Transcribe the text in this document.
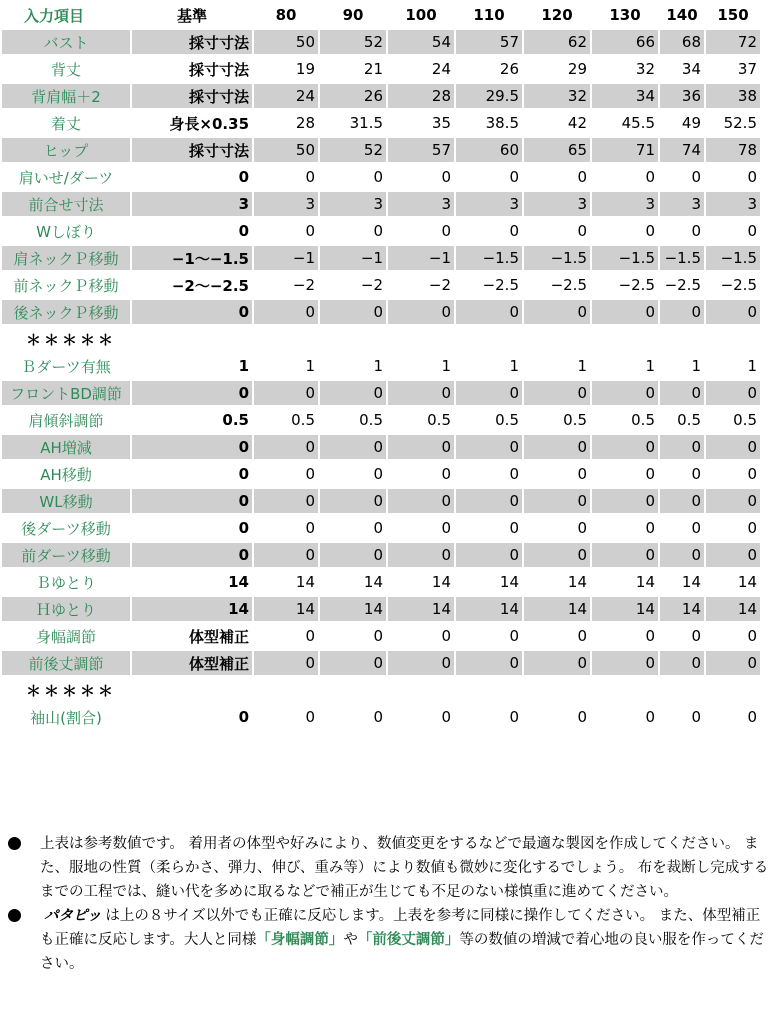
入力項目	基準	80	90	100	110	120	130	140	150
バスト	採寸寸法	50	52	54	57	62	66	68	72
背丈	採寸寸法	19	21	24	26	29	32	34	37
背肩幅＋2	採寸寸法	24	26	28	29.5	32	34	36	38
着丈	身長×0.35	28	31.5	35	38.5	42	45.5	49	52.5
ヒップ	採寸寸法	50	52	57	60	65	71	74	78
肩いせ/ダーツ	0	0	0	0	0	0	0	0	0
前合せ寸法	3	3	3	3	3	3	3	3	3
Wしぼり	0	0	0	0	0	0	0	0	0
肩ネックＰ移動	−1〜−1.5	−1	−1	−1	−1.5	−1.5	−1.5	−1.5	−1.5
前ネックＰ移動	−2〜−2.5	−2	−2	−2	−2.5	−2.5	−2.5	−2.5	−2.5
後ネックＰ移動	0	0	0	0	0	0	0	0	0
＊＊＊＊＊									
Ｂダーツ有無	1	1	1	1	1	1	1	1	1
フロントBD調節	0	0	0	0	0	0	0	0	0
肩傾斜調節	0.5	0.5	0.5	0.5	0.5	0.5	0.5	0.5	0.5
AH増減	0	0	0	0	0	0	0	0	0
AH移動	0	0	0	0	0	0	0	0	0
WL移動	0	0	0	0	0	0	0	0	0
後ダーツ移動	0	0	0	0	0	0	0	0	0
前ダーツ移動	0	0	0	0	0	0	0	0	0
Ｂゆとり	14	14	14	14	14	14	14	14	14
Ｈゆとり	14	14	14	14	14	14	14	14	14
身幅調節	体型補正	0	0	0	0	0	0	0	0
前後丈調節	体型補正	0	0	0	0	0	0	0	0
＊＊＊＊＊									
袖山(割合)	0	0	0	0	0	0	0	0	0
上表は参考数値です。 着用者の体型や好みにより、数値変更をするなどで最適な製図を作成してください。 また、服地の性質（柔らかさ、弾力、伸び、重み等）により数値も微妙に変化するでしょう。 布を裁断し完成するまでの工程では、縫い代を多めに取るなどで補正が生じても不足のない様慎重に進めてください。
パタピッ は上の８サイズ以外でも正確に反応します。上表を参考に同様に操作してください。 また、体型補正も正確に反応します。大人と同様「身幅調節」や「前後丈調節」等の数値の増減で着心地の良い服を作ってください。
